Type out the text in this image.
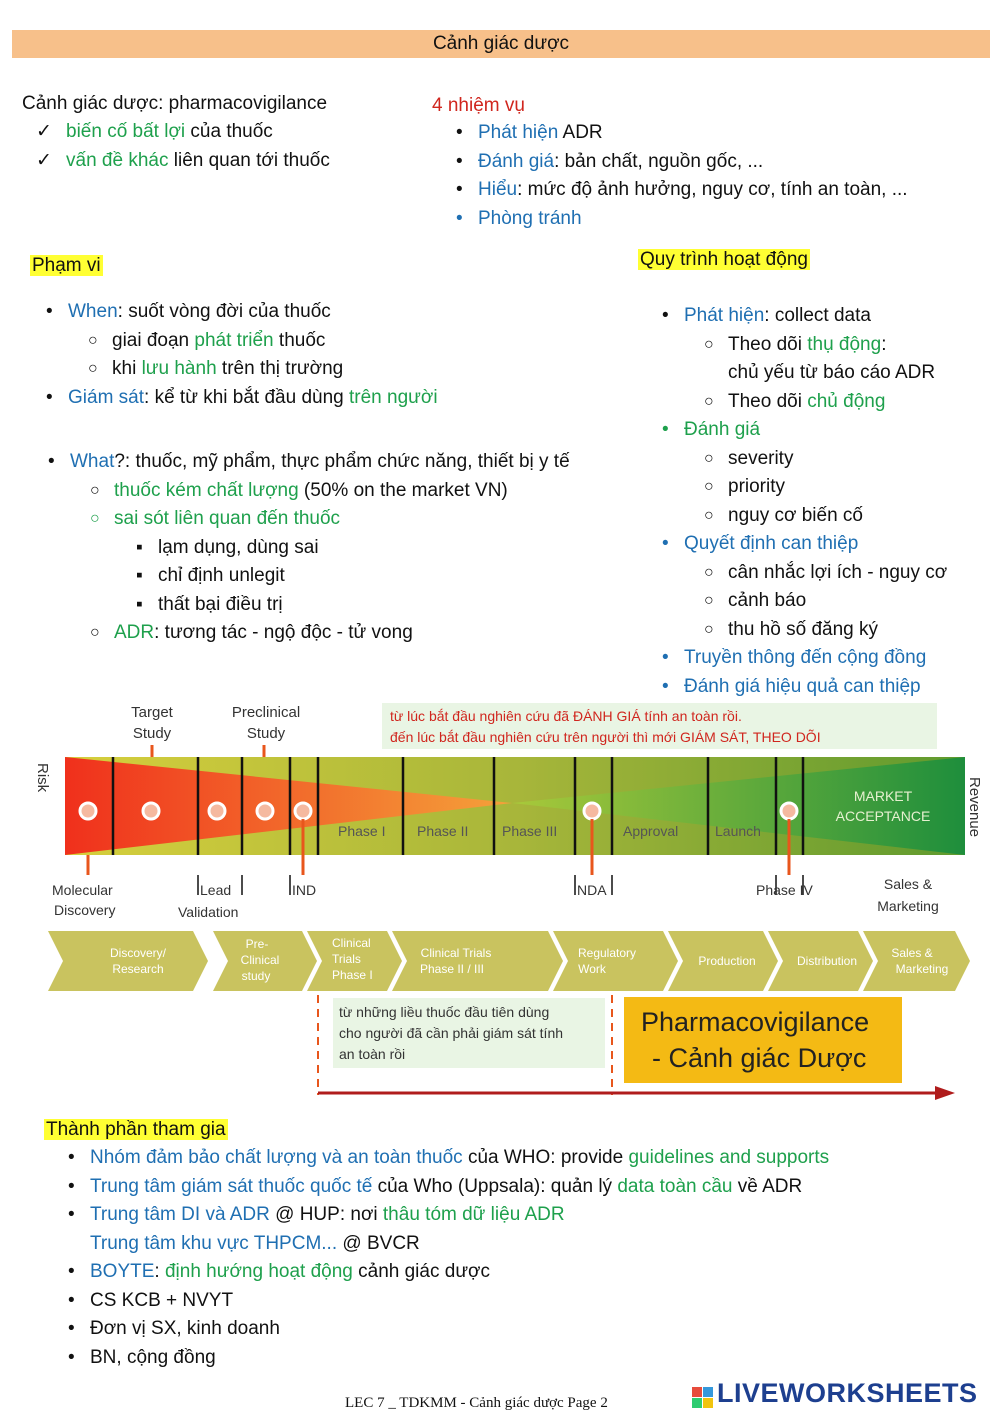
Cảnh giác dược
Cảnh giác dược: pharmacovigilance
✓ biến cố bất lợi của thuốc
✓ vấn đề khác liên quan tới thuốc
4 nhiệm vụ
• Phát hiện ADR
• Đánh giá: bản chất, nguồn gốc, ...
• Hiểu: mức độ ảnh hưởng, nguy cơ, tính an toàn, ...
• Phòng tránh
Phạm vi
• When: suốt vòng đời của thuốc
○ giai đoạn phát triển thuốc
○ khi lưu hành trên thị trường
• Giám sát: kể từ khi bắt đầu dùng trên người
• What?: thuốc, mỹ phẩm, thực phẩm chức năng, thiết bị y tế
○ thuốc kém chất lượng (50% on the market VN)
○ sai sót liên quan đến thuốc
▪ lạm dụng, dùng sai
▪ chỉ định unlegit
▪ thất bại điều trị
○ ADR: tương tác - ngộ độc - tử vong
Quy trình hoạt động
• Phát hiện: collect data
○ Theo dõi thụ động:
chủ yếu từ báo cáo ADR
○ Theo dõi chủ động
• Đánh giá
○ severity
○ priority
○ nguy cơ biến cố
• Quyết định can thiệp
○ cân nhắc lợi ích - nguy cơ
○ cảnh báo
○ thu hồ số đăng ký
• Truyền thông đến cộng đồng
• Đánh giá hiệu quả can thiệp
từ lúc bắt đầu nghiên cứu đã ĐÁNH GIÁ tính an toàn rồi.
đến lúc bắt đầu nghiên cứu trên người thì mới GIÁM SÁT, THEO DÕI
Target
Study
Preclinical
Study
Risk	Revenue
Phase I Phase II Phase III	Approval	Launch
MARKET
ACCEPTANCE
Molecular
Discovery
Lead
Validation
IND	NDA	Phase IV	Sales &
Marketing
Discovery/
Research
Pre-
Clinical
study
Clinical
Trials
Phase I
Clinical Trials
Phase II / III
Regulatory
Work
Production	Distribution
Sales &
Marketing
từ những liều thuốc đầu tiên dùng
cho người đã cần phải giám sát tính
an toàn rồi
Pharmacovigilance
- Cảnh giác Dược
Thành phần tham gia
• Nhóm đảm bảo chất lượng và an toàn thuốc của WHO: provide guidelines and supports
• Trung tâm giám sát thuốc quốc tế của Who (Uppsala): quản lý data toàn cầu về ADR
• Trung tâm DI và ADR @ HUP: nơi thâu tóm dữ liệu ADR
Trung tâm khu vực THPCM... @ BVCR
• BOYTE: định hướng hoạt động cảnh giác dược
• CS KCB + NVYT
• Đơn vị SX, kinh doanh
• BN, cộng đồng
LEC 7 _ TDKMM - Cảnh giác dược Page 2	LIVEWORKSHEETS
